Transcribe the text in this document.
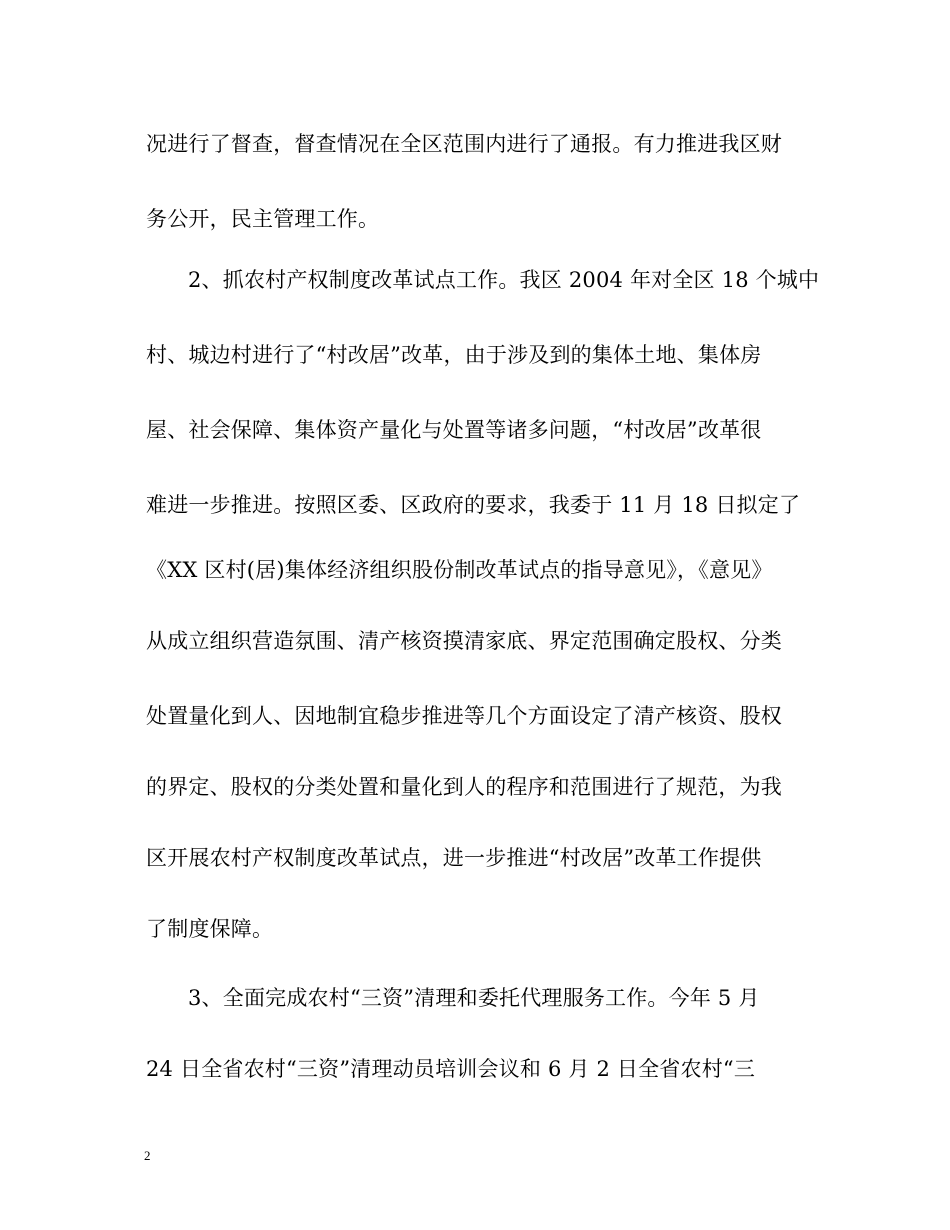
况进行了督查，督查情况在全区范围内进行了通报。有力推进我区财
务公开，民主管理工作。
2、抓农村产权制度改革试点工作。我区 2004 年对全区 18 个城中
村、城边村进行了“村改居”改革，由于涉及到的集体土地、集体房
屋、社会保障、集体资产量化与处置等诸多问题，“村改居”改革很
难进一步推进。按照区委、区政府的要求，我委于 11 月 18 日拟定了
《XX 区村(居)集体经济组织股份制改革试点的指导意见》，《意见》
从成立组织营造氛围、清产核资摸清家底、界定范围确定股权、分类
处置量化到人、因地制宜稳步推进等几个方面设定了清产核资、股权
的界定、股权的分类处置和量化到人的程序和范围进行了规范，为我
区开展农村产权制度改革试点，进一步推进“村改居”改革工作提供
了制度保障。
3、全面完成农村“三资”清理和委托代理服务工作。今年 5 月
24 日全省农村“三资”清理动员培训会议和 6 月 2 日全省农村“三
2
